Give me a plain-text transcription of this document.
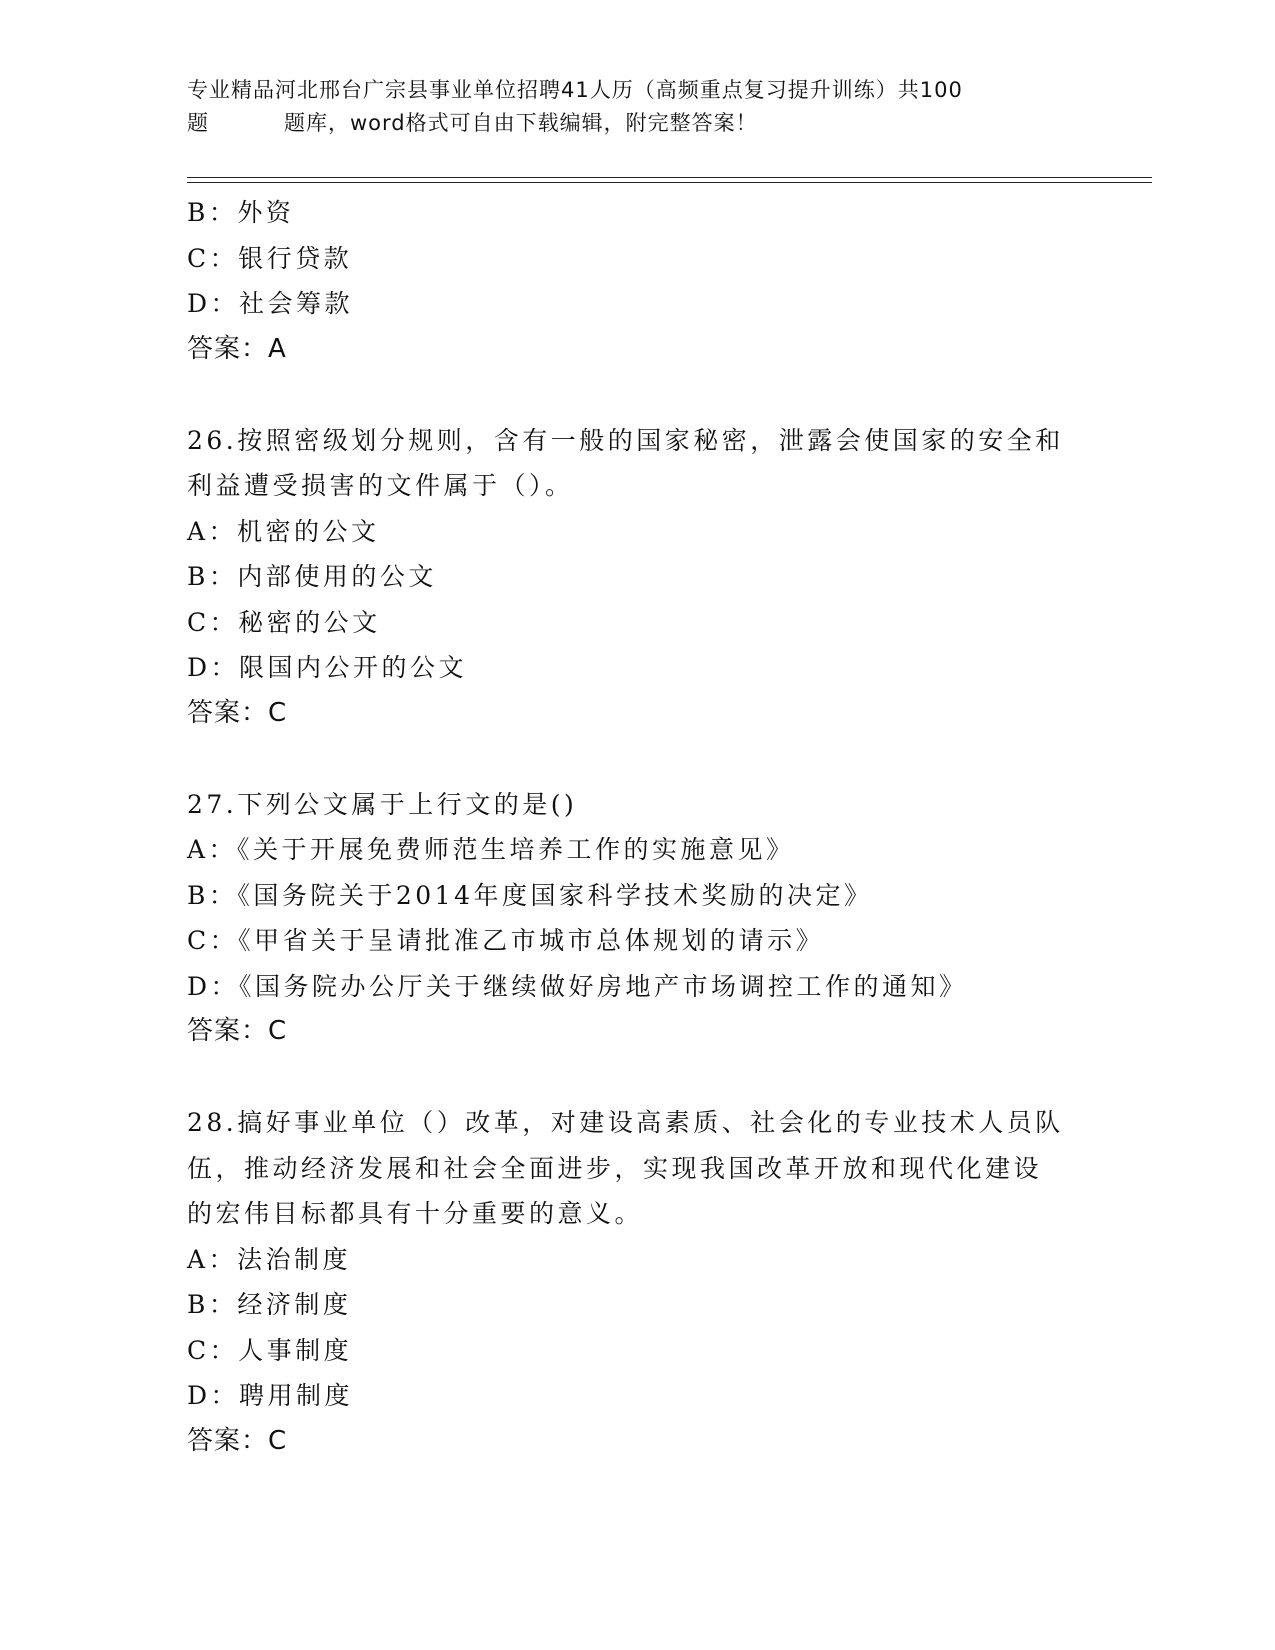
专业精品河北邢台广宗县事业单位招聘41人历（高频重点复习提升训练）共100
题	题库，word格式可自由下载编辑，附完整答案！
B：外资
C：银行贷款
D：社会筹款
答案：A
26.按照密级划分规则，含有一般的国家秘密，泄露会使国家的安全和
利益遭受损害的文件属于（）。
A：机密的公文
B：内部使用的公文
C：秘密的公文
D：限国内公开的公文
答案：C
27.下列公文属于上行文的是()
A：《关于开展免费师范生培养工作的实施意见》
B：《国务院关于2014年度国家科学技术奖励的决定》
C：《甲省关于呈请批准乙市城市总体规划的请示》
D：《国务院办公厅关于继续做好房地产市场调控工作的通知》
答案：C
28.搞好事业单位（）改革，对建设高素质、社会化的专业技术人员队
伍，推动经济发展和社会全面进步，实现我国改革开放和现代化建设
的宏伟目标都具有十分重要的意义。
A：法治制度
B：经济制度
C：人事制度
D：聘用制度
答案：C
